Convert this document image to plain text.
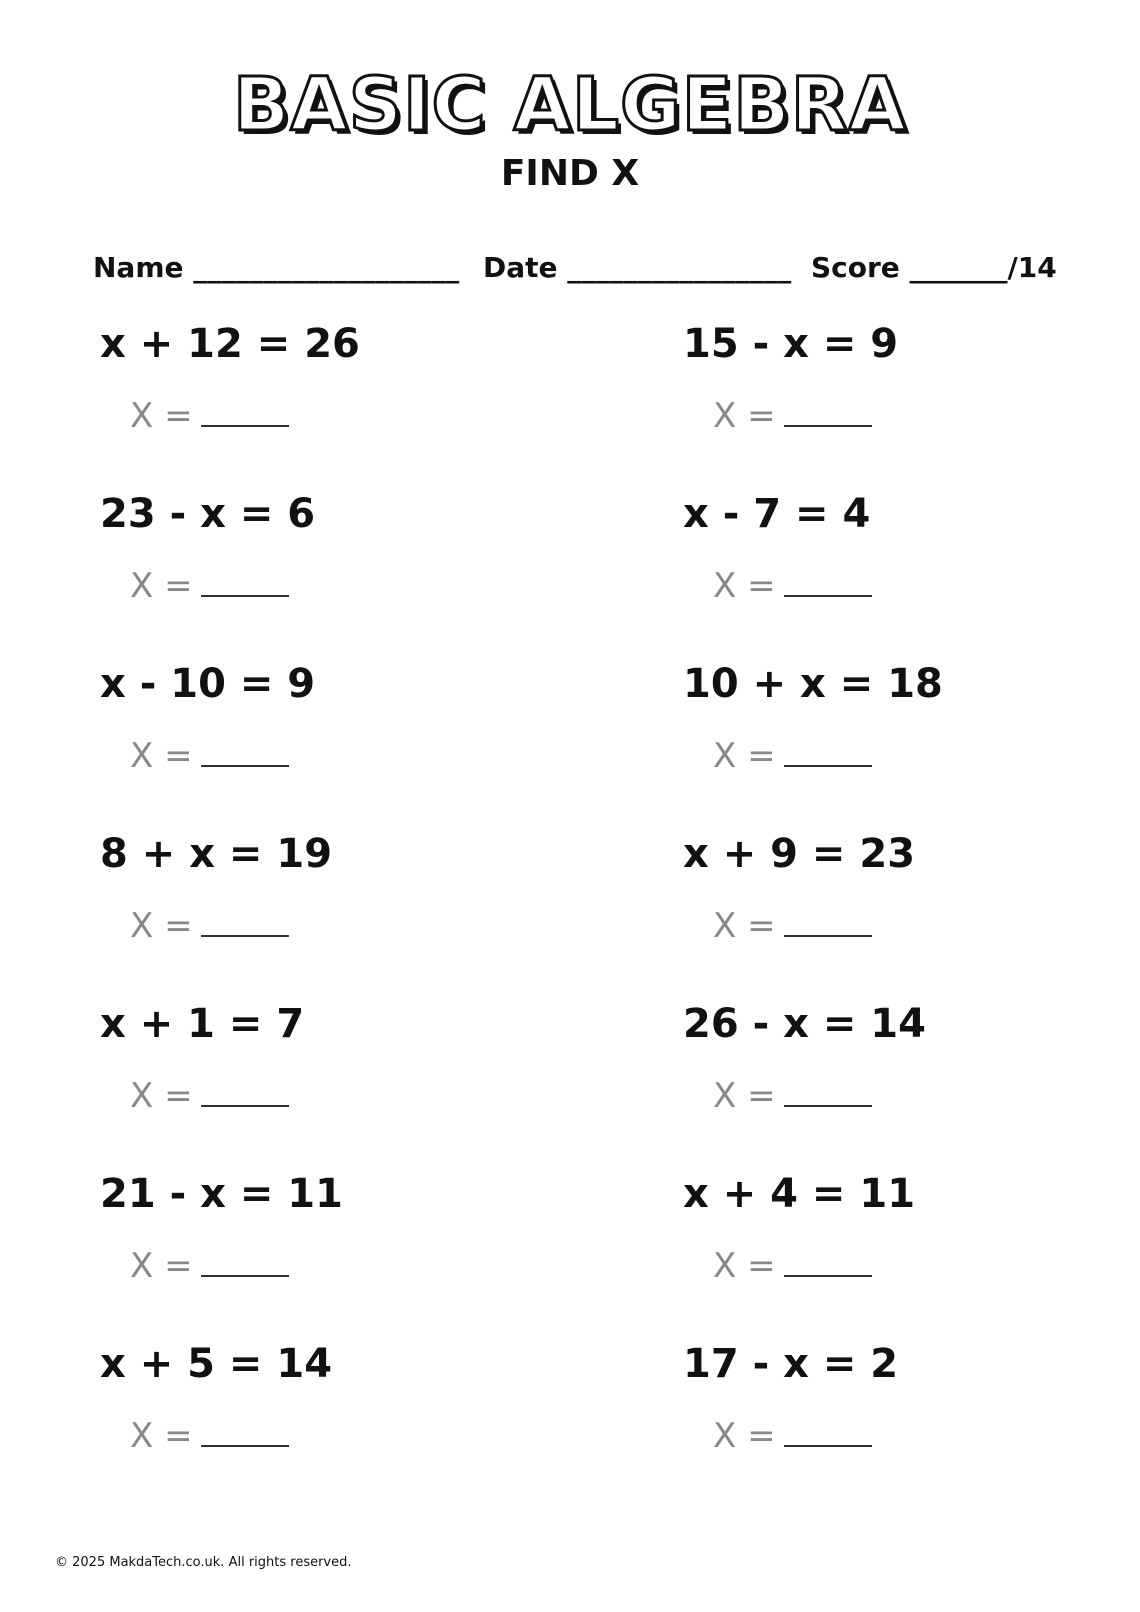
BASIC ALGEBRA
FIND X
Name ___________________ Date ________________ Score _______/14
x + 12 = 26
X =
23 - x = 6
X =
x - 10 = 9
X =
8 + x = 19
X =
x + 1 = 7
X =
21 - x = 11
X =
x + 5 = 14
X =
15 - x = 9
X =
x - 7 = 4
X =
10 + x = 18
X =
x + 9 = 23
X =
26 - x = 14
X =
x + 4 = 11
X =
17 - x = 2
X =
© 2025 MakdaTech.co.uk. All rights reserved.
